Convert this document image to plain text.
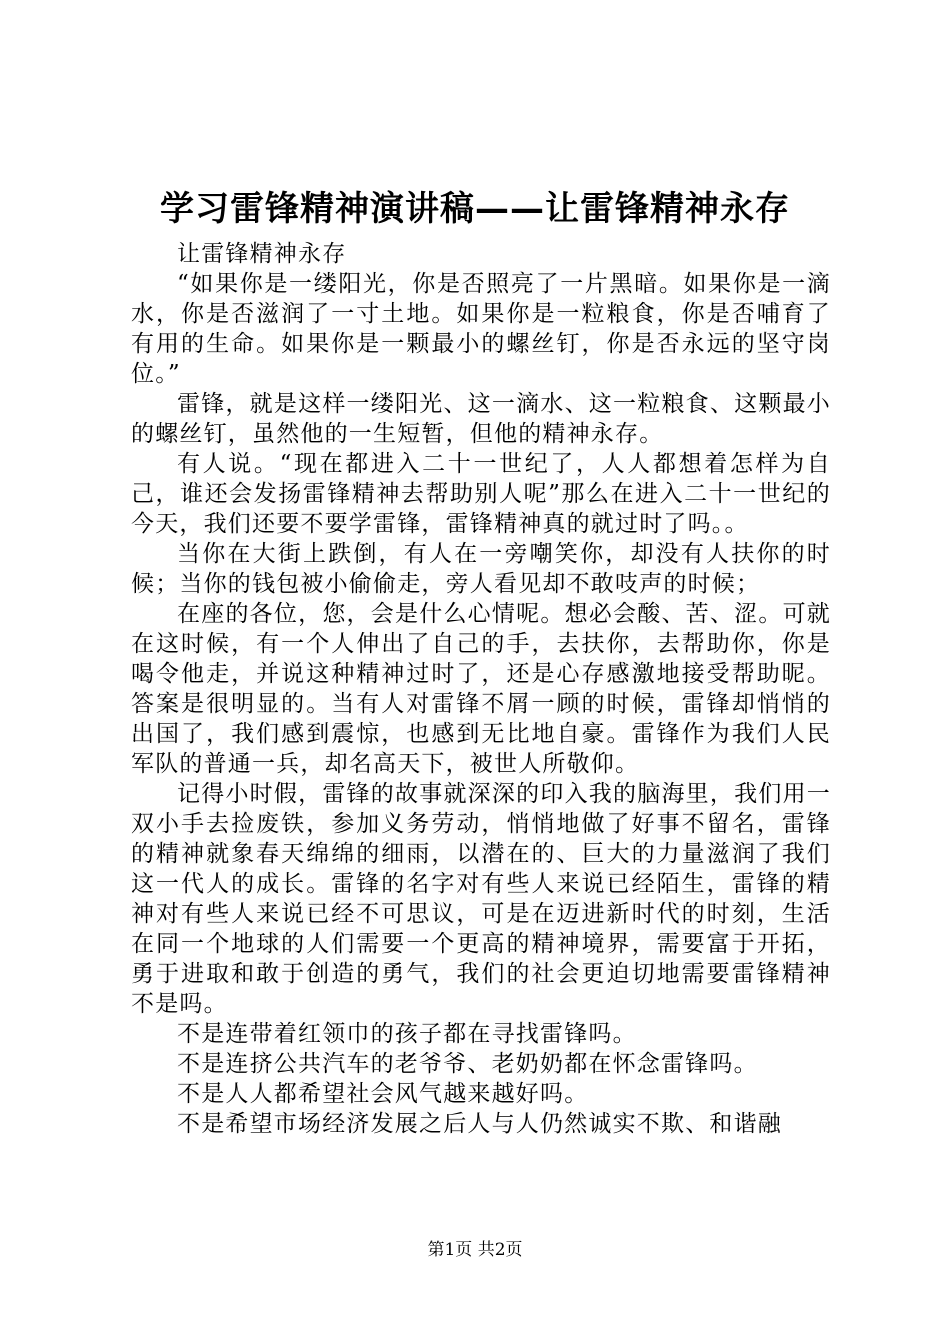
学习雷锋精神演讲稿——让雷锋精神永存

让雷锋精神永存

“如果你是一缕阳光，你是否照亮了一片黑暗。如果你是一滴水，你是否滋润了一寸土地。如果你是一粒粮食，你是否哺育了有用的生命。如果你是一颗最小的螺丝钉，你是否永远的坚守岗位。”

雷锋，就是这样一缕阳光、这一滴水、这一粒粮食、这颗最小的螺丝钉，虽然他的一生短暂，但他的精神永存。

有人说。“现在都进入二十一世纪了，人人都想着怎样为自己，谁还会发扬雷锋精神去帮助别人呢”那么在进入二十一世纪的今天，我们还要不要学雷锋，雷锋精神真的就过时了吗。。

当你在大街上跌倒，有人在一旁嘲笑你，却没有人扶你的时候；当你的钱包被小偷偷走，旁人看见却不敢吱声的时候；

在座的各位，您，会是什么心情呢。想必会酸、苦、涩。可就在这时候，有一个人伸出了自己的手，去扶你，去帮助你，你是喝令他走，并说这种精神过时了，还是心存感激地接受帮助昵。答案是很明显的。当有人对雷锋不屑一顾的时候，雷锋却悄悄的出国了，我们感到震惊，也感到无比地自豪。雷锋作为我们人民军队的普通一兵，却名高天下，被世人所敬仰。

记得小时假，雷锋的故事就深深的印入我的脑海里，我们用一双小手去捡废铁，参加义务劳动，悄悄地做了好事不留名，雷锋的精神就象春天绵绵的细雨，以潜在的、巨大的力量滋润了我们这一代人的成长。雷锋的名字对有些人来说已经陌生，雷锋的精神对有些人来说已经不可思议，可是在迈进新时代的时刻，生活在同一个地球的人们需要一个更高的精神境界，需要富于开拓，勇于进取和敢于创造的勇气，我们的社会更迫切地需要雷锋精神不是吗。

不是连带着红领巾的孩子都在寻找雷锋吗。

不是连挤公共汽车的老爷爷、老奶奶都在怀念雷锋吗。

不是人人都希望社会风气越来越好吗。

不是希望市场经济发展之后人与人仍然诚实不欺、和谐融

第1页 共2页
